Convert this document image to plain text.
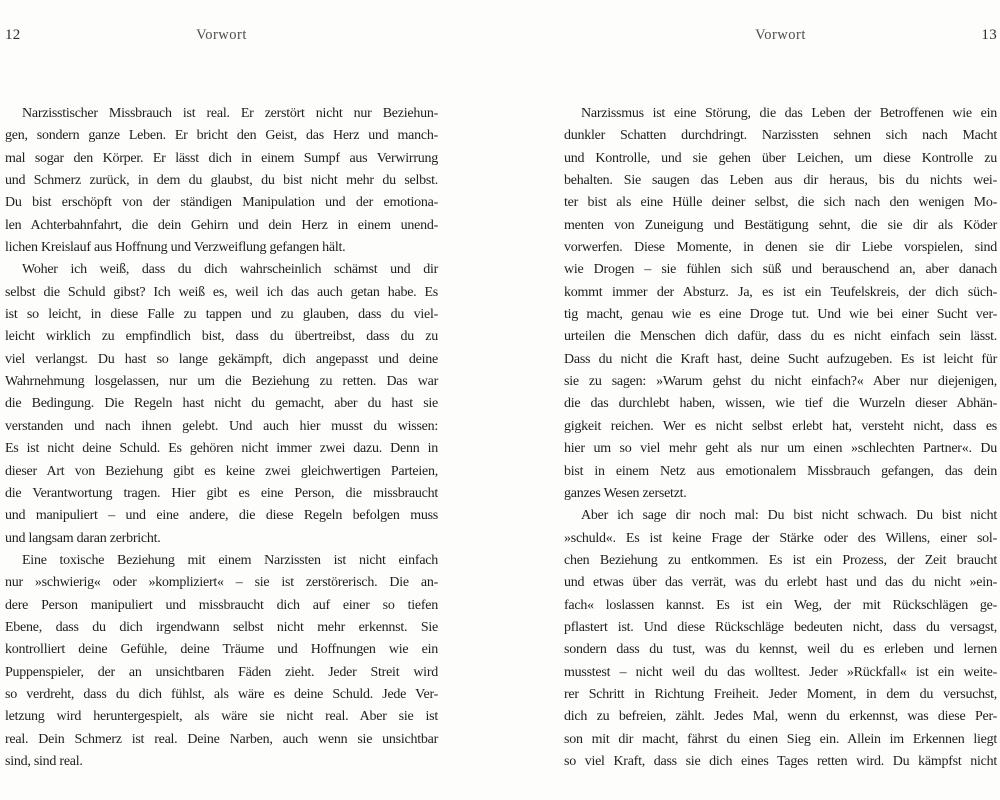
12	Vorwort
Narzisstischer Missbrauch ist real. Er zerstört nicht nur Beziehun-
gen, sondern ganze Leben. Er bricht den Geist, das Herz und manch-
mal sogar den Körper. Er lässt dich in einem Sumpf aus Verwirrung
und Schmerz zurück, in dem du glaubst, du bist nicht mehr du selbst.
Du bist erschöpft von der ständigen Manipulation und der emotiona-
len Achterbahnfahrt, die dein Gehirn und dein Herz in einem unend-
lichen Kreislauf aus Hoffnung und Verzweiflung gefangen hält.
Woher ich weiß, dass du dich wahrscheinlich schämst und dir
selbst die Schuld gibst? Ich weiß es, weil ich das auch getan habe. Es
ist so leicht, in diese Falle zu tappen und zu glauben, dass du viel-
leicht wirklich zu empfindlich bist, dass du übertreibst, dass du zu
viel verlangst. Du hast so lange gekämpft, dich angepasst und deine
Wahrnehmung losgelassen, nur um die Beziehung zu retten. Das war
die Bedingung. Die Regeln hast nicht du gemacht, aber du hast sie
verstanden und nach ihnen gelebt. Und auch hier musst du wissen:
Es ist nicht deine Schuld. Es gehören nicht immer zwei dazu. Denn in
dieser Art von Beziehung gibt es keine zwei gleichwertigen Parteien,
die Verantwortung tragen. Hier gibt es eine Person, die missbraucht
und manipuliert – und eine andere, die diese Regeln befolgen muss
und langsam daran zerbricht.
Eine toxische Beziehung mit einem Narzissten ist nicht einfach
nur »schwierig« oder »kompliziert« – sie ist zerstörerisch. Die an-
dere Person manipuliert und missbraucht dich auf einer so tiefen
Ebene, dass du dich irgendwann selbst nicht mehr erkennst. Sie
kontrolliert deine Gefühle, deine Träume und Hoffnungen wie ein
Puppenspieler, der an unsichtbaren Fäden zieht. Jeder Streit wird
so verdreht, dass du dich fühlst, als wäre es deine Schuld. Jede Ver-
letzung wird heruntergespielt, als wäre sie nicht real. Aber sie ist
real. Dein Schmerz ist real. Deine Narben, auch wenn sie unsichtbar
sind, sind real.
13
Vorwort
Narzissmus ist eine Störung, die das Leben der Betroffenen wie ein
dunkler Schatten durchdringt. Narzissten sehnen sich nach Macht
und Kontrolle, und sie gehen über Leichen, um diese Kontrolle zu
behalten. Sie saugen das Leben aus dir heraus, bis du nichts wei-
ter bist als eine Hülle deiner selbst, die sich nach den wenigen Mo-
menten von Zuneigung und Bestätigung sehnt, die sie dir als Köder
vorwerfen. Diese Momente, in denen sie dir Liebe vorspielen, sind
wie Drogen – sie fühlen sich süß und berauschend an, aber danach
kommt immer der Absturz. Ja, es ist ein Teufelskreis, der dich süch-
tig macht, genau wie es eine Droge tut. Und wie bei einer Sucht ver-
urteilen die Menschen dich dafür, dass du es nicht einfach sein lässt.
Dass du nicht die Kraft hast, deine Sucht aufzugeben. Es ist leicht für
sie zu sagen: »Warum gehst du nicht einfach?« Aber nur diejenigen,
die das durchlebt haben, wissen, wie tief die Wurzeln dieser Abhän-
gigkeit reichen. Wer es nicht selbst erlebt hat, versteht nicht, dass es
hier um so viel mehr geht als nur um einen »schlechten Partner«. Du
bist in einem Netz aus emotionalem Missbrauch gefangen, das dein
ganzes Wesen zersetzt.
Aber ich sage dir noch mal: Du bist nicht schwach. Du bist nicht
»schuld«. Es ist keine Frage der Stärke oder des Willens, einer sol-
chen Beziehung zu entkommen. Es ist ein Prozess, der Zeit braucht
und etwas über das verrät, was du erlebt hast und das du nicht »ein-
fach« loslassen kannst. Es ist ein Weg, der mit Rückschlägen ge-
pflastert ist. Und diese Rückschläge bedeuten nicht, dass du versagst,
sondern dass du tust, was du kennst, weil du es erleben und lernen
musstest – nicht weil du das wolltest. Jeder »Rückfall« ist ein weite-
rer Schritt in Richtung Freiheit. Jeder Moment, in dem du versuchst,
dich zu befreien, zählt. Jedes Mal, wenn du erkennst, was diese Per-
son mit dir macht, fährst du einen Sieg ein. Allein im Erkennen liegt
so viel Kraft, dass sie dich eines Tages retten wird. Du kämpfst nicht
